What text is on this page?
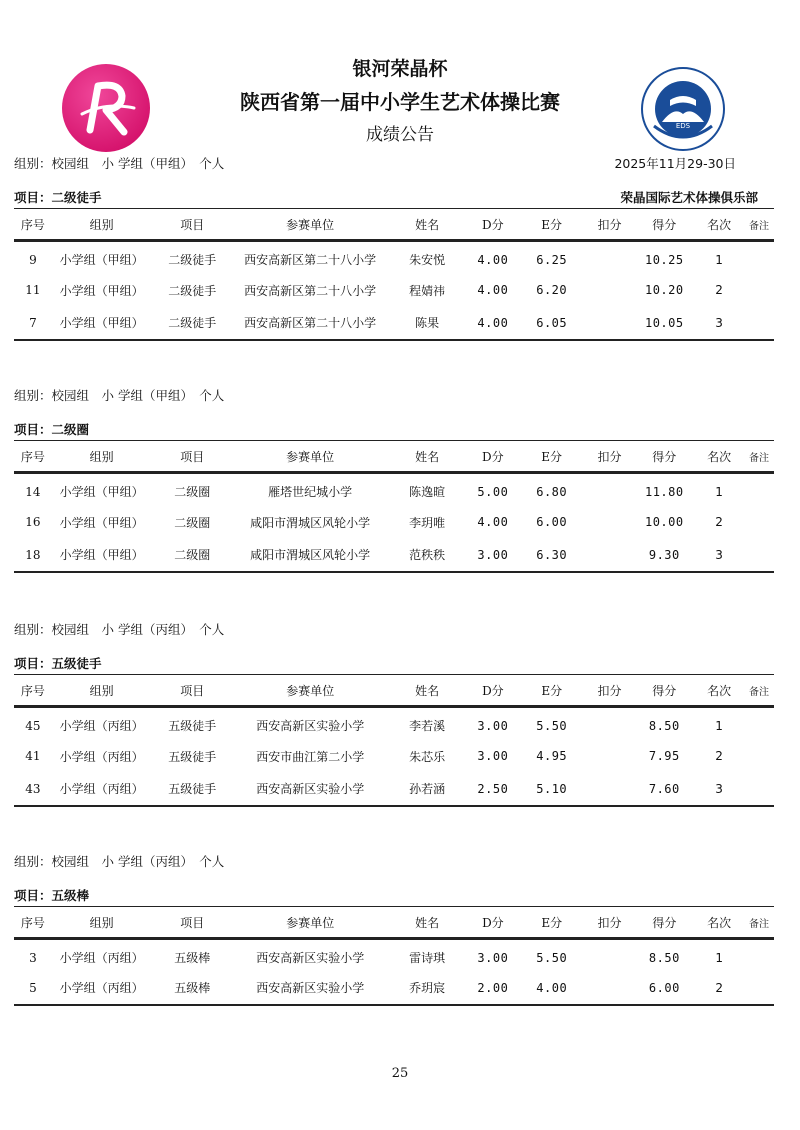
EDS
银河荣晶杯
陕西省第一届中小学生艺术体操比赛
成绩公告
组别：校园组　小 学组（甲组）　个人	2025年11月29-30日
项目：二级徒手	荣晶国际艺术体操俱乐部
序号	组别	项目	参赛单位	姓名	D分	E分	扣分	得分	名次	备注
9	小学组（甲组）	二级徒手	西安高新区第二十八小学	朱安悦	4.00	6.25		10.25	1	
11	小学组（甲组）	二级徒手	西安高新区第二十八小学	程婧祎	4.00	6.20		10.20	2	
7	小学组（甲组）	二级徒手	西安高新区第二十八小学	陈果	4.00	6.05		10.05	3	
组别：校园组　小 学组（甲组）　个人
项目：二级圈
序号	组别	项目	参赛单位	姓名	D分	E分	扣分	得分	名次	备注
14	小学组（甲组）	二级圈	雁塔世纪城小学	陈逸暄	5.00	6.80		11.80	1	
16	小学组（甲组）	二级圈	咸阳市渭城区风轮小学	李玥唯	4.00	6.00		10.00	2	
18	小学组（甲组）	二级圈	咸阳市渭城区风轮小学	范秩秩	3.00	6.30		9.30	3	
组别：校园组　小 学组（丙组）　个人
项目：五级徒手
序号	组别	项目	参赛单位	姓名	D分	E分	扣分	得分	名次	备注
45	小学组（丙组）	五级徒手	西安高新区实验小学	李若溪	3.00	5.50		8.50	1	
41	小学组（丙组）	五级徒手	西安市曲江第二小学	朱芯乐	3.00	4.95		7.95	2	
43	小学组（丙组）	五级徒手	西安高新区实验小学	孙若涵	2.50	5.10		7.60	3	
组别：校园组　小 学组（丙组）　个人
项目：五级棒
序号	组别	项目	参赛单位	姓名	D分	E分	扣分	得分	名次	备注
3	小学组（丙组）	五级棒	西安高新区实验小学	雷诗琪	3.00	5.50		8.50	1	
5	小学组（丙组）	五级棒	西安高新区实验小学	乔玥宸	2.00	4.00		6.00	2	
25
